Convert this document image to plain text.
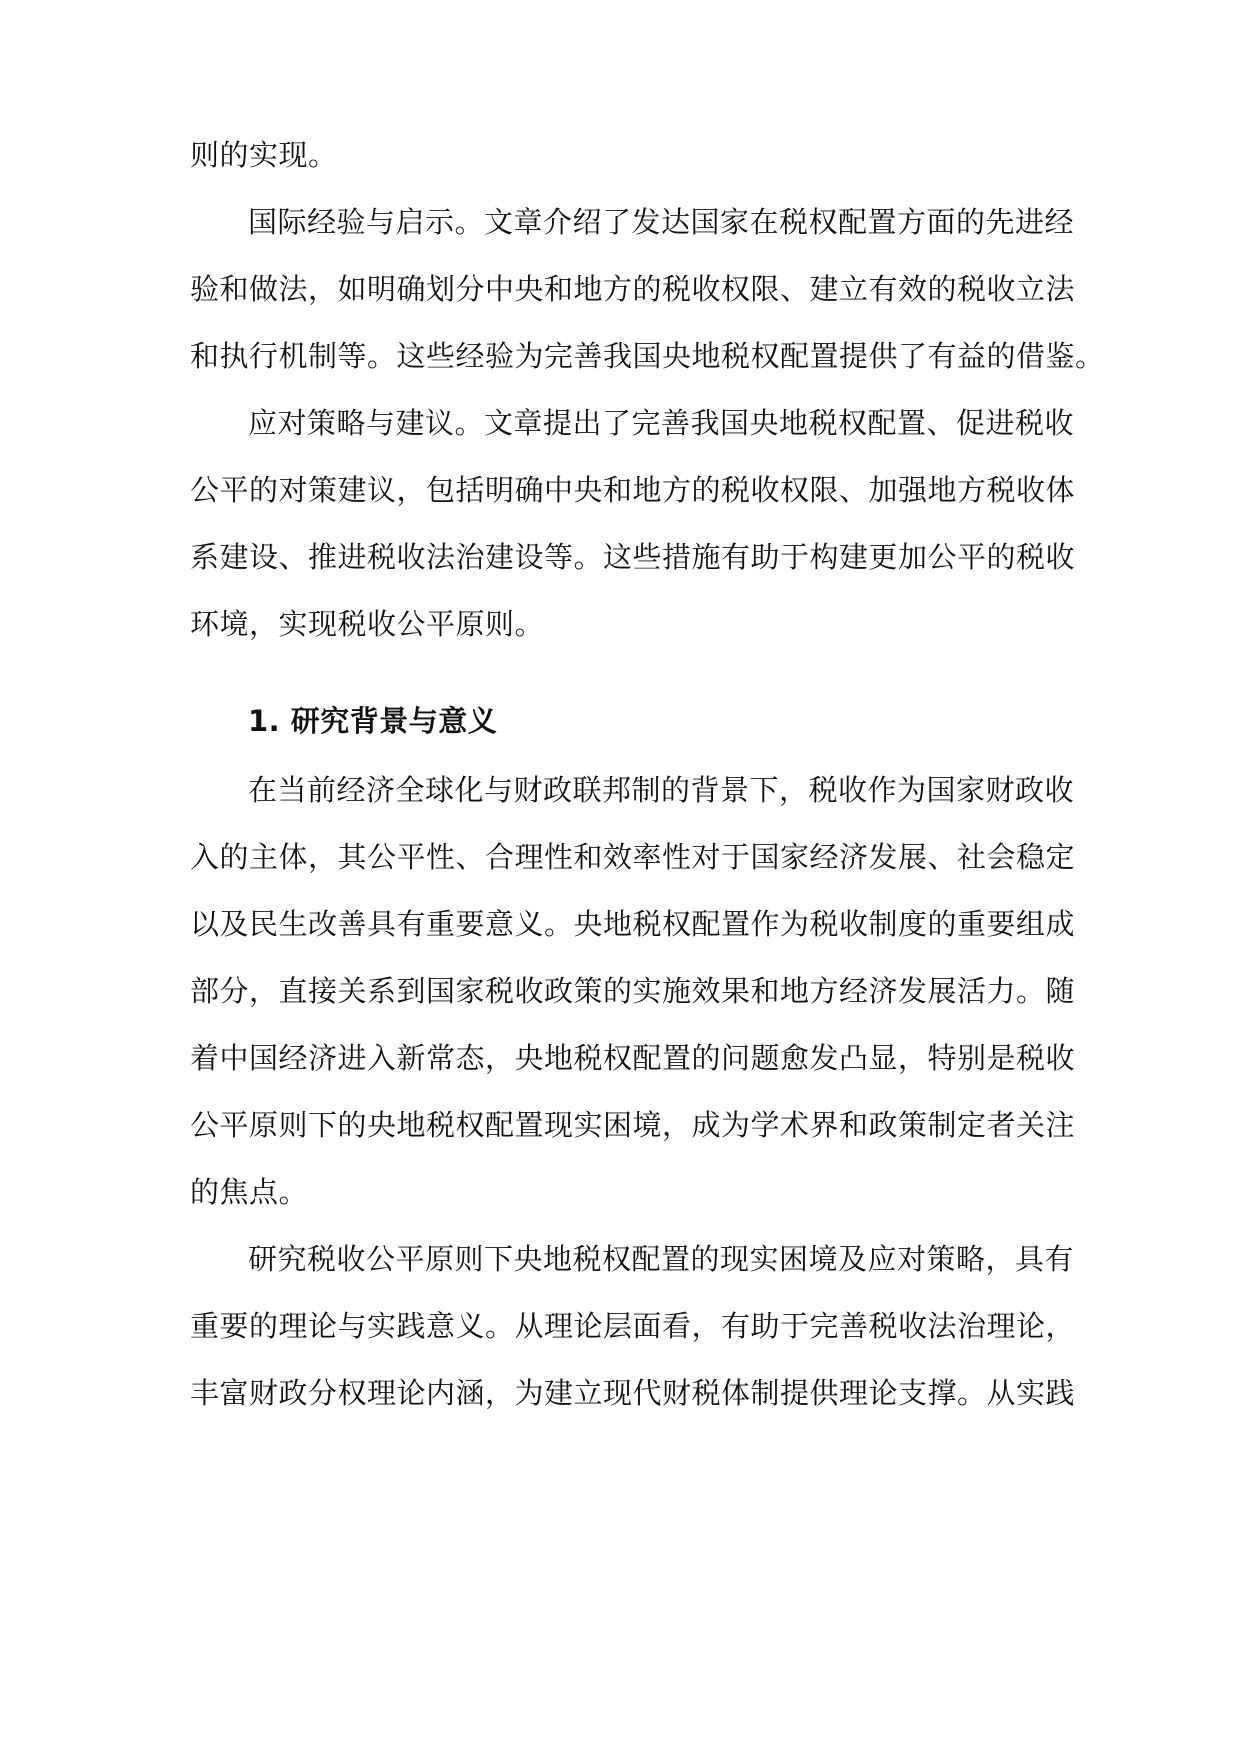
则的实现。
国际经验与启示。文章介绍了发达国家在税权配置方面的先进经
验和做法，如明确划分中央和地方的税收权限、建立有效的税收立法
和执行机制等。这些经验为完善我国央地税权配置提供了有益的借鉴。
应对策略与建议。文章提出了完善我国央地税权配置、促进税收
公平的对策建议，包括明确中央和地方的税收权限、加强地方税收体
系建设、推进税收法治建设等。这些措施有助于构建更加公平的税收
环境，实现税收公平原则。
1. 研究背景与意义
在当前经济全球化与财政联邦制的背景下，税收作为国家财政收
入的主体，其公平性、合理性和效率性对于国家经济发展、社会稳定
以及民生改善具有重要意义。央地税权配置作为税收制度的重要组成
部分，直接关系到国家税收政策的实施效果和地方经济发展活力。随
着中国经济进入新常态，央地税权配置的问题愈发凸显，特别是税收
公平原则下的央地税权配置现实困境，成为学术界和政策制定者关注
的焦点。
研究税收公平原则下央地税权配置的现实困境及应对策略，具有
重要的理论与实践意义。从理论层面看，有助于完善税收法治理论，
丰富财政分权理论内涵，为建立现代财税体制提供理论支撑。从实践
